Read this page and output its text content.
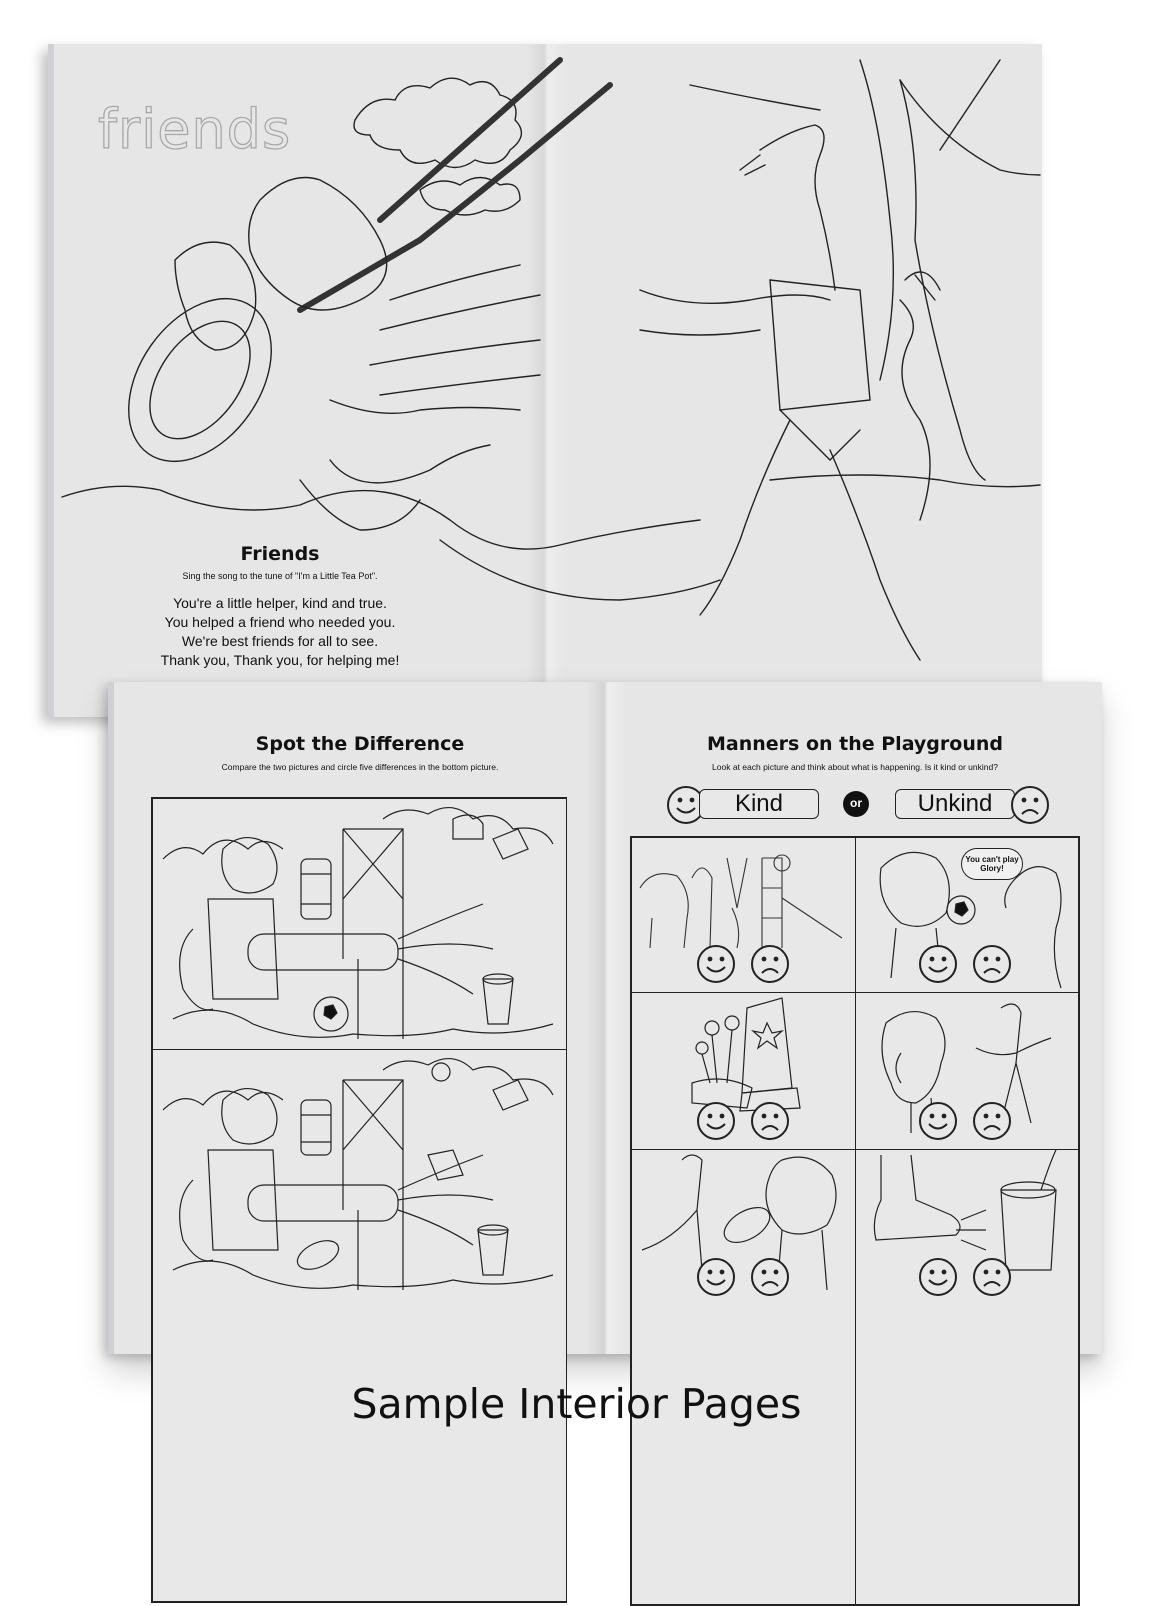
friends
Friends
Sing the song to the tune of "I'm a Little Tea Pot".
You're a little helper, kind and true.
You helped a friend who needed you.
We're best friends for all to see.
Thank you, Thank you, for helping me!
Spot the Difference
Compare the two pictures and circle five differences in the bottom picture.
Manners on the Playground
Look at each picture and think about what is happening. Is it kind or unkind?
Kind	or	Unkind
You can't play Glory!
Sample Interior Pages
